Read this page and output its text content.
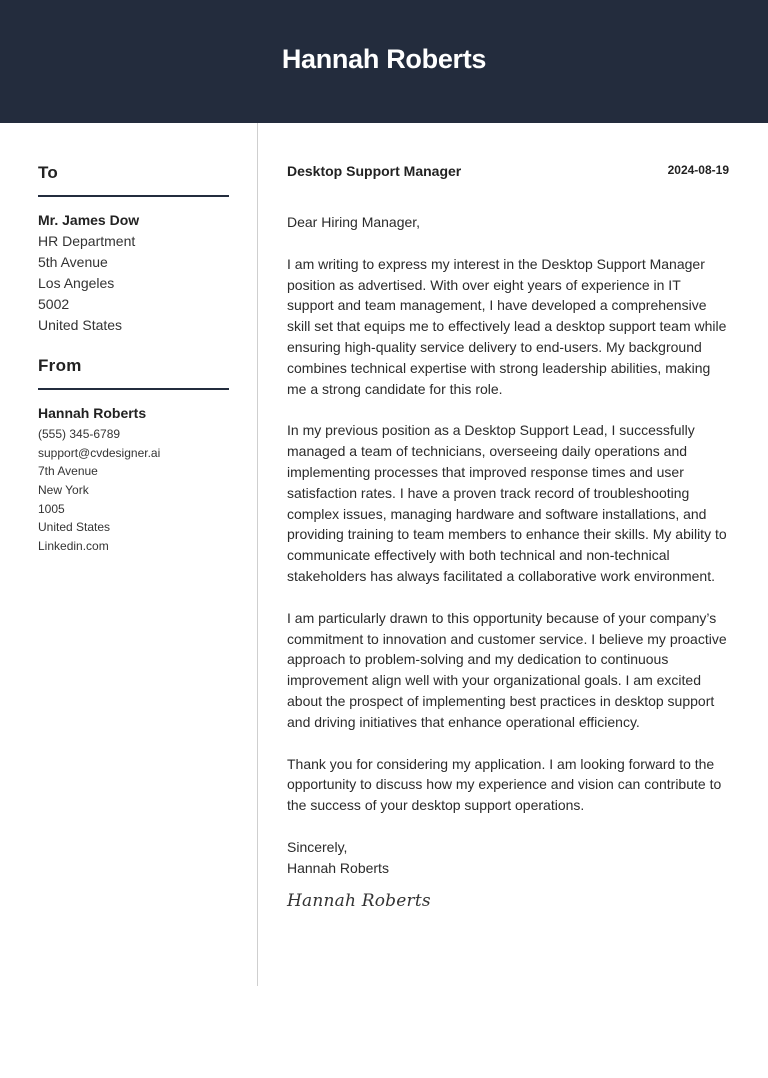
Hannah Roberts
To
Mr. James Dow
HR Department
5th Avenue
Los Angeles
5002
United States
From
Hannah Roberts
(555) 345-6789
support@cvdesigner.ai
7th Avenue
New York
1005
United States
Linkedin.com
Desktop Support Manager	2024-08-19

Dear Hiring Manager,

I am writing to express my interest in the Desktop Support Manager position as advertised. With over eight years of experience in IT support and team management, I have developed a comprehensive skill set that equips me to effectively lead a desktop support team while ensuring high-quality service delivery to end-users. My background combines technical expertise with strong leadership abilities, making me a strong candidate for this role.

In my previous position as a Desktop Support Lead, I successfully managed a team of technicians, overseeing daily operations and implementing processes that improved response times and user satisfaction rates. I have a proven track record of troubleshooting complex issues, managing hardware and software installations, and providing training to team members to enhance their skills. My ability to communicate effectively with both technical and non-technical stakeholders has always facilitated a collaborative work environment.

I am particularly drawn to this opportunity because of your company’s commitment to innovation and customer service. I believe my proactive approach to problem-solving and my dedication to continuous improvement align well with your organizational goals. I am excited about the prospect of implementing best practices in desktop support and driving initiatives that enhance operational efficiency.

Thank you for considering my application. I am looking forward to the opportunity to discuss how my experience and vision can contribute to the success of your desktop support operations.

Sincerely,
Hannah Roberts
Hannah Roberts
